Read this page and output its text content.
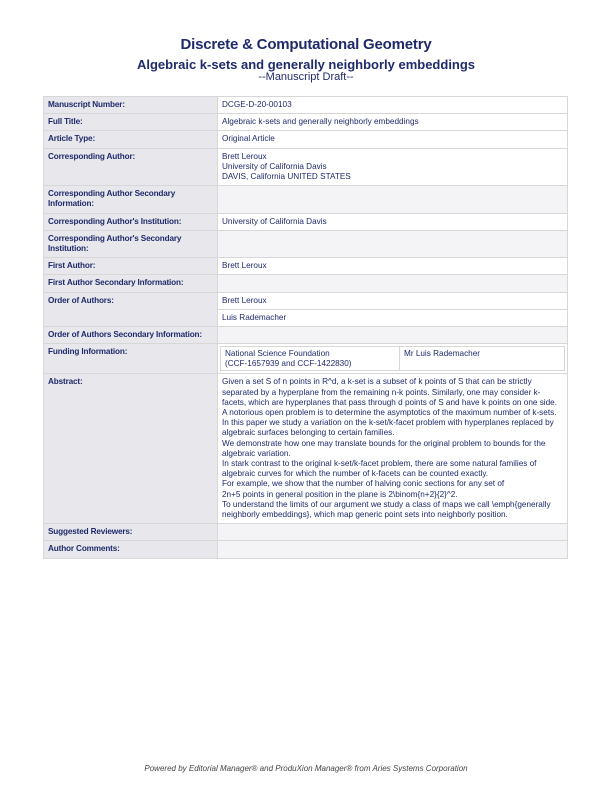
Discrete & Computational Geometry
Algebraic k-sets and generally neighborly embeddings
--Manuscript Draft--
Manuscript Number:	DCGE-D-20-00103
Full Title:	Algebraic k-sets and generally neighborly embeddings
Article Type:	Original Article
Corresponding Author:	Brett Leroux
University of California Davis
DAVIS, California UNITED STATES

Corresponding Author Secondary Information:	
Corresponding Author's Institution:	University of California Davis
Corresponding Author's Secondary Institution:	
First Author:	Brett Leroux
First Author Secondary Information:	
Order of Authors:	Brett Leroux
Luis Rademacher
Order of Authors Secondary Information:	
Funding Information:		National Science Foundation
(CCF-1657939 and CCF-1422830)
	Mr Luis Rademacher

Abstract:	Given a set S of n points in R^d, a k-set is a subset of k points of S that can be strictly separated by a hyperplane from the remaining n-k points. Similarly, one may consider k-facets, which are hyperplanes that pass through d points of S and have k points on one side.

A notorious open problem is to determine the asymptotics of the maximum number of k-sets.

In this paper we study a variation on the k-set/k-facet problem with hyperplanes replaced by algebraic surfaces belonging to certain families.

We demonstrate how one may translate bounds for the original problem to bounds for the algebraic variation.

In stark contrast to the original k-set/k-facet problem, there are some natural families of algebraic curves for which the number of k-facets can be counted exactly.

For example, we show that the number of halving conic sections for any set of

2n+5 points in general position in the plane is 2\binom{n+2}{2}^2.

To understand the limits of our argument we study a class of maps we call \emph{generally neighborly embeddings}, which map generic point sets into neighborly position.

Suggested Reviewers:	
Author Comments:	
Powered by Editorial Manager® and ProduXion Manager® from Aries Systems Corporation
